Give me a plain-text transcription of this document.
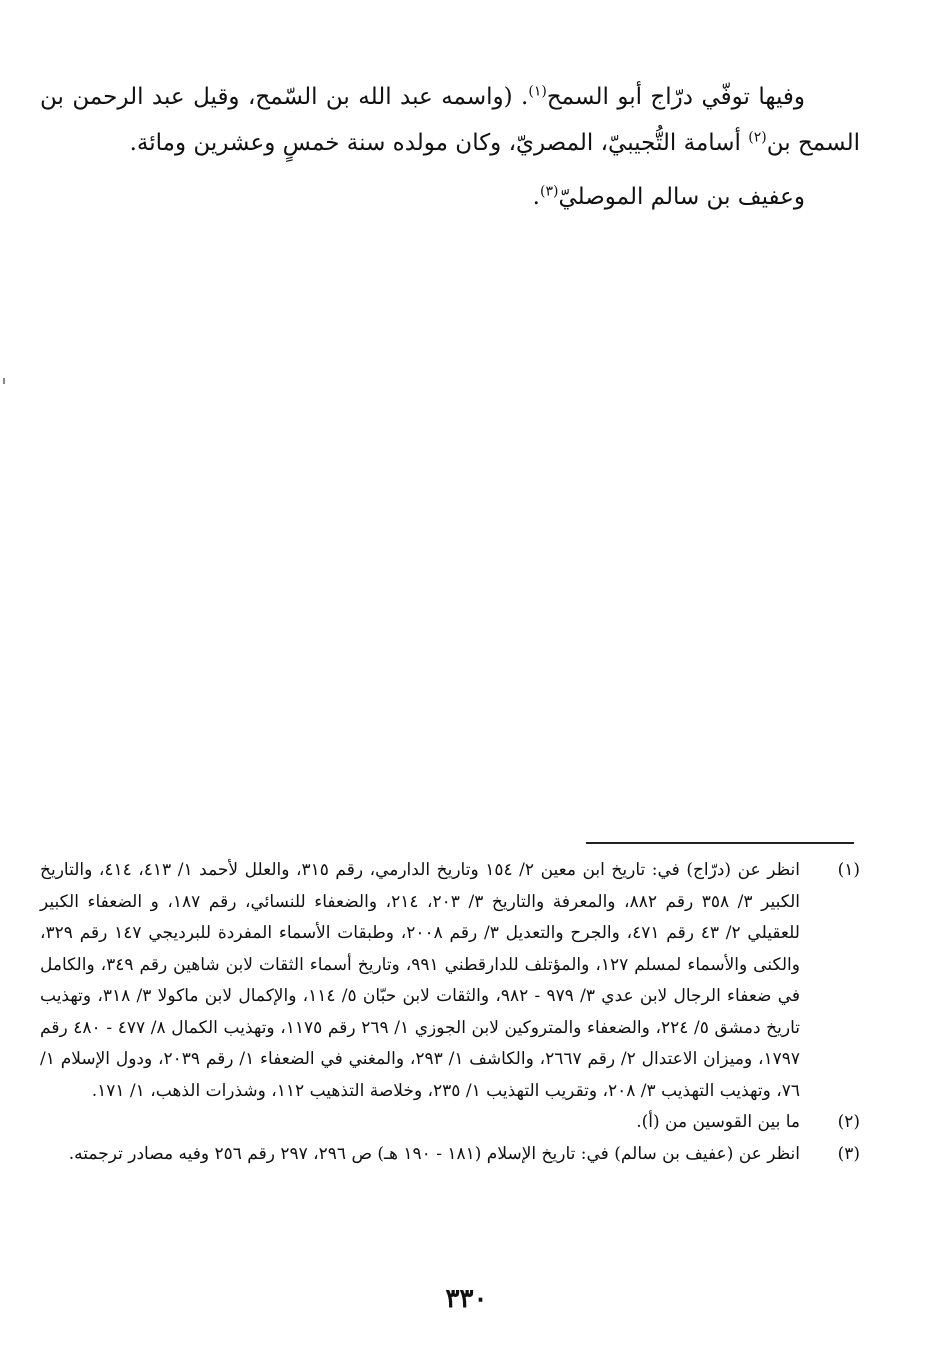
وفيها توفّي درّاج أبو السمح$^{(١)}$. (واسمه عبد الله بن السّمح، وقيل عبد الرحمن بن السمح بن$^{(٢)}$ أسامة التُّجيبيّ، المصريّ، وكان مولده سنة خمسٍ وعشرين ومائة.

وعفيف بن سالم الموصليّ$^{(٣)}$.

(١)
انظر عن (درّاج) في: تاريخ ابن معين ٢/ ١٥٤ وتاريخ الدارمي، رقم ٣١٥، والعلل لأحمد ١/ ٤١٣، ٤١٤، والتاريخ الكبير ٣/ ٣٥٨ رقم ٨٨٢، والمعرفة والتاريخ ٣/ ٢٠٣، ٢١٤، والضعفاء للنسائي، رقم ١٨٧، و الضعفاء الكبير للعقيلي ٢/ ٤٣ رقم ٤٧١، والجرح والتعديل ٣/ رقم ٢٠٠٨، وطبقات الأسماء المفردة للبرديجي ١٤٧ رقم ٣٢٩، والكنى والأسماء لمسلم ١٢٧، والمؤتلف للدارقطني ٩٩١، وتاريخ أسماء الثقات لابن شاهين رقم ٣٤٩، والكامل في ضعفاء الرجال لابن عدي ٣/ ٩٧٩ - ٩٨٢، والثقات لابن حبّان ٥/ ١١٤، والإكمال لابن ماكولا ٣/ ٣١٨، وتهذيب تاريخ دمشق ٥/ ٢٢٤، والضعفاء والمتروكين لابن الجوزي ١/ ٢٦٩ رقم ١١٧٥، وتهذيب الكمال ٨/ ٤٧٧ - ٤٨٠ رقم ١٧٩٧، وميزان الاعتدال ٢/ رقم ٢٦٦٧، والكاشف ١/ ٢٩٣، والمغني في الضعفاء ١/ رقم ٢٠٣٩، ودول الإسلام ١/ ٧٦، وتهذيب التهذيب ٣/ ٢٠٨، وتقريب التهذيب ١/ ٢٣٥، وخلاصة التذهيب ١١٢، وشذرات الذهب، ١/ ١٧١.
(٢)
ما بين القوسين من (أ).
(٣)
انظر عن (عفيف بن سالم) في: تاريخ الإسلام (١٨١ - ١٩٠ هـ) ص ٢٩٦، ٢٩٧ رقم ٢٥٦ وفيه مصادر ترجمته.
٣٣٠
